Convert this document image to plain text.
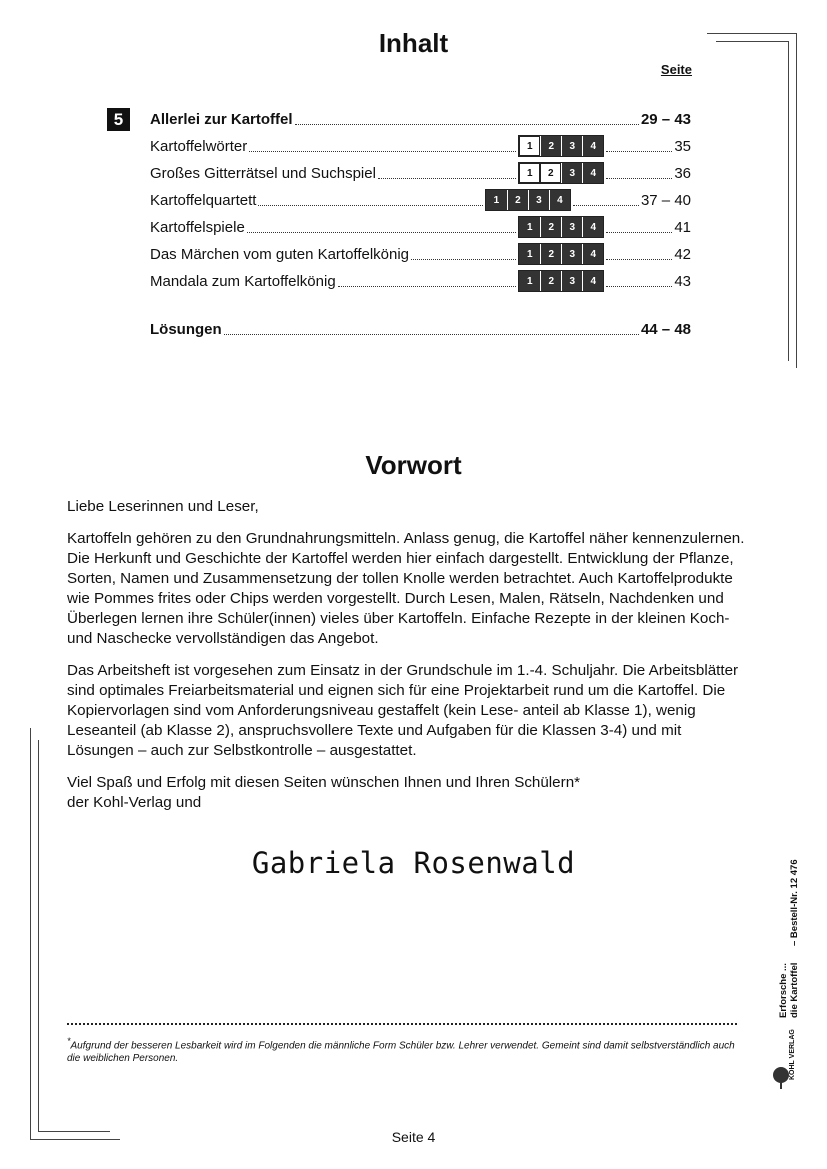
Inhalt
Seite
5	Allerlei zur Kartoffel	29 – 43
Kartoffelwörter	1	2	3	4	35
Großes Gitterrätsel und Suchspiel	1	2	3	4	36
Kartoffelquartett	1	2	3	4	37 – 40
Kartoffelspiele	1	2	3	4	41
Das Märchen vom guten Kartoffelkönig	1	2	3	4	42
Mandala zum Kartoffelkönig	1	2	3	4	43
Lösungen	44 – 48
Vorwort

Liebe Leserinnen und Leser,

Kartoffeln gehören zu den Grundnahrungsmitteln. Anlass genug, die Kartoffel näher kennenzulernen. Die Herkunft und Geschichte der Kartoffel werden hier einfach dargestellt. Entwicklung der Pflanze, Sorten, Namen und Zusammensetzung der tollen Knolle werden betrachtet. Auch Kartoffelprodukte wie Pommes frites oder Chips werden vorgestellt. Durch Lesen, Malen, Rätseln, Nachdenken und Überlegen lernen ihre Schüler(innen) vieles über Kartoffeln. Einfache Rezepte in der kleinen Koch- und Naschecke vervollständigen das Angebot.

Das Arbeitsheft ist vorgesehen zum Einsatz in der Grundschule im 1.-4. Schuljahr. Die Arbeitsblätter sind optimales Freiarbeitsmaterial und eignen sich für eine Projektarbeit rund um die Kartoffel. Die Kopiervorlagen sind vom Anforderungsniveau gestaffelt (kein Lese- anteil ab Klasse 1), wenig Leseanteil (ab Klasse 2), anspruchsvollere Texte und Aufgaben für die Klassen 3-4) und mit Lösungen – auch zur Selbstkontrolle – ausgestattet.

Viel Spaß und Erfolg mit diesen Seiten wünschen Ihnen und Ihren Schülern*

der Kohl-Verlag und

Gabriela Rosenwald
*Aufgrund der besseren Lesbarkeit wird im Folgenden die männliche Form Schüler bzw. Lehrer verwendet. Gemeint sind damit selbstverständlich auch die weiblichen Personen.
Erforsche ... die Kartoffel
– Bestell-Nr. 12 476
KOHL VERLAG
Seite 4
